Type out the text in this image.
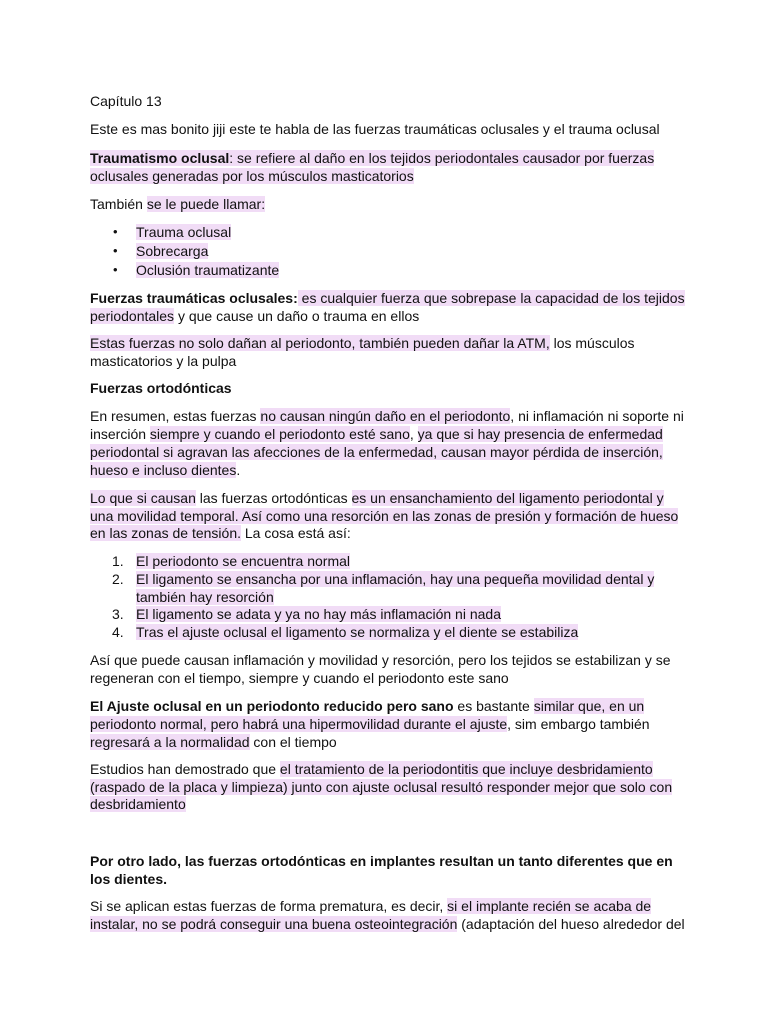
Capítulo 13
Este es mas bonito jiji este te habla de las fuerzas traumáticas oclusales y el trauma oclusal
Traumatismo oclusal: se refiere al daño en los tejidos periodontales causador por fuerzas
oclusales generadas por los músculos masticatorios
También se le puede llamar:
• Trauma oclusal
• Sobrecarga
• Oclusión traumatizante
Fuerzas traumáticas oclusales: es cualquier fuerza que sobrepase la capacidad de los tejidos
periodontales y que cause un daño o trauma en ellos
Estas fuerzas no solo dañan al periodonto, también pueden dañar la ATM, los músculos
masticatorios y la pulpa
Fuerzas ortodónticas
En resumen, estas fuerzas no causan ningún daño en el periodonto, ni inflamación ni soporte ni
inserción siempre y cuando el periodonto esté sano, ya que si hay presencia de enfermedad
periodontal si agravan las afecciones de la enfermedad, causan mayor pérdida de inserción,
hueso e incluso dientes.
Lo que si causan las fuerzas ortodónticas es un ensanchamiento del ligamento periodontal y
una movilidad temporal. Así como una resorción en las zonas de presión y formación de hueso
en las zonas de tensión. La cosa está así:
1. El periodonto se encuentra normal
2. El ligamento se ensancha por una inflamación, hay una pequeña movilidad dental y
también hay resorción
3. El ligamento se adata y ya no hay más inflamación ni nada
4. Tras el ajuste oclusal el ligamento se normaliza y el diente se estabiliza
Así que puede causan inflamación y movilidad y resorción, pero los tejidos se estabilizan y se
regeneran con el tiempo, siempre y cuando el periodonto este sano
El Ajuste oclusal en un periodonto reducido pero sano es bastante similar que, en un
periodonto normal, pero habrá una hipermovilidad durante el ajuste, sim embargo también
regresará a la normalidad con el tiempo
Estudios han demostrado que el tratamiento de la periodontitis que incluye desbridamiento
(raspado de la placa y limpieza) junto con ajuste oclusal resultó responder mejor que solo con
desbridamiento
Por otro lado, las fuerzas ortodónticas en implantes resultan un tanto diferentes que en
los dientes.
Si se aplican estas fuerzas de forma prematura, es decir, si el implante recién se acaba de
instalar, no se podrá conseguir una buena osteointegración (adaptación del hueso alrededor del
